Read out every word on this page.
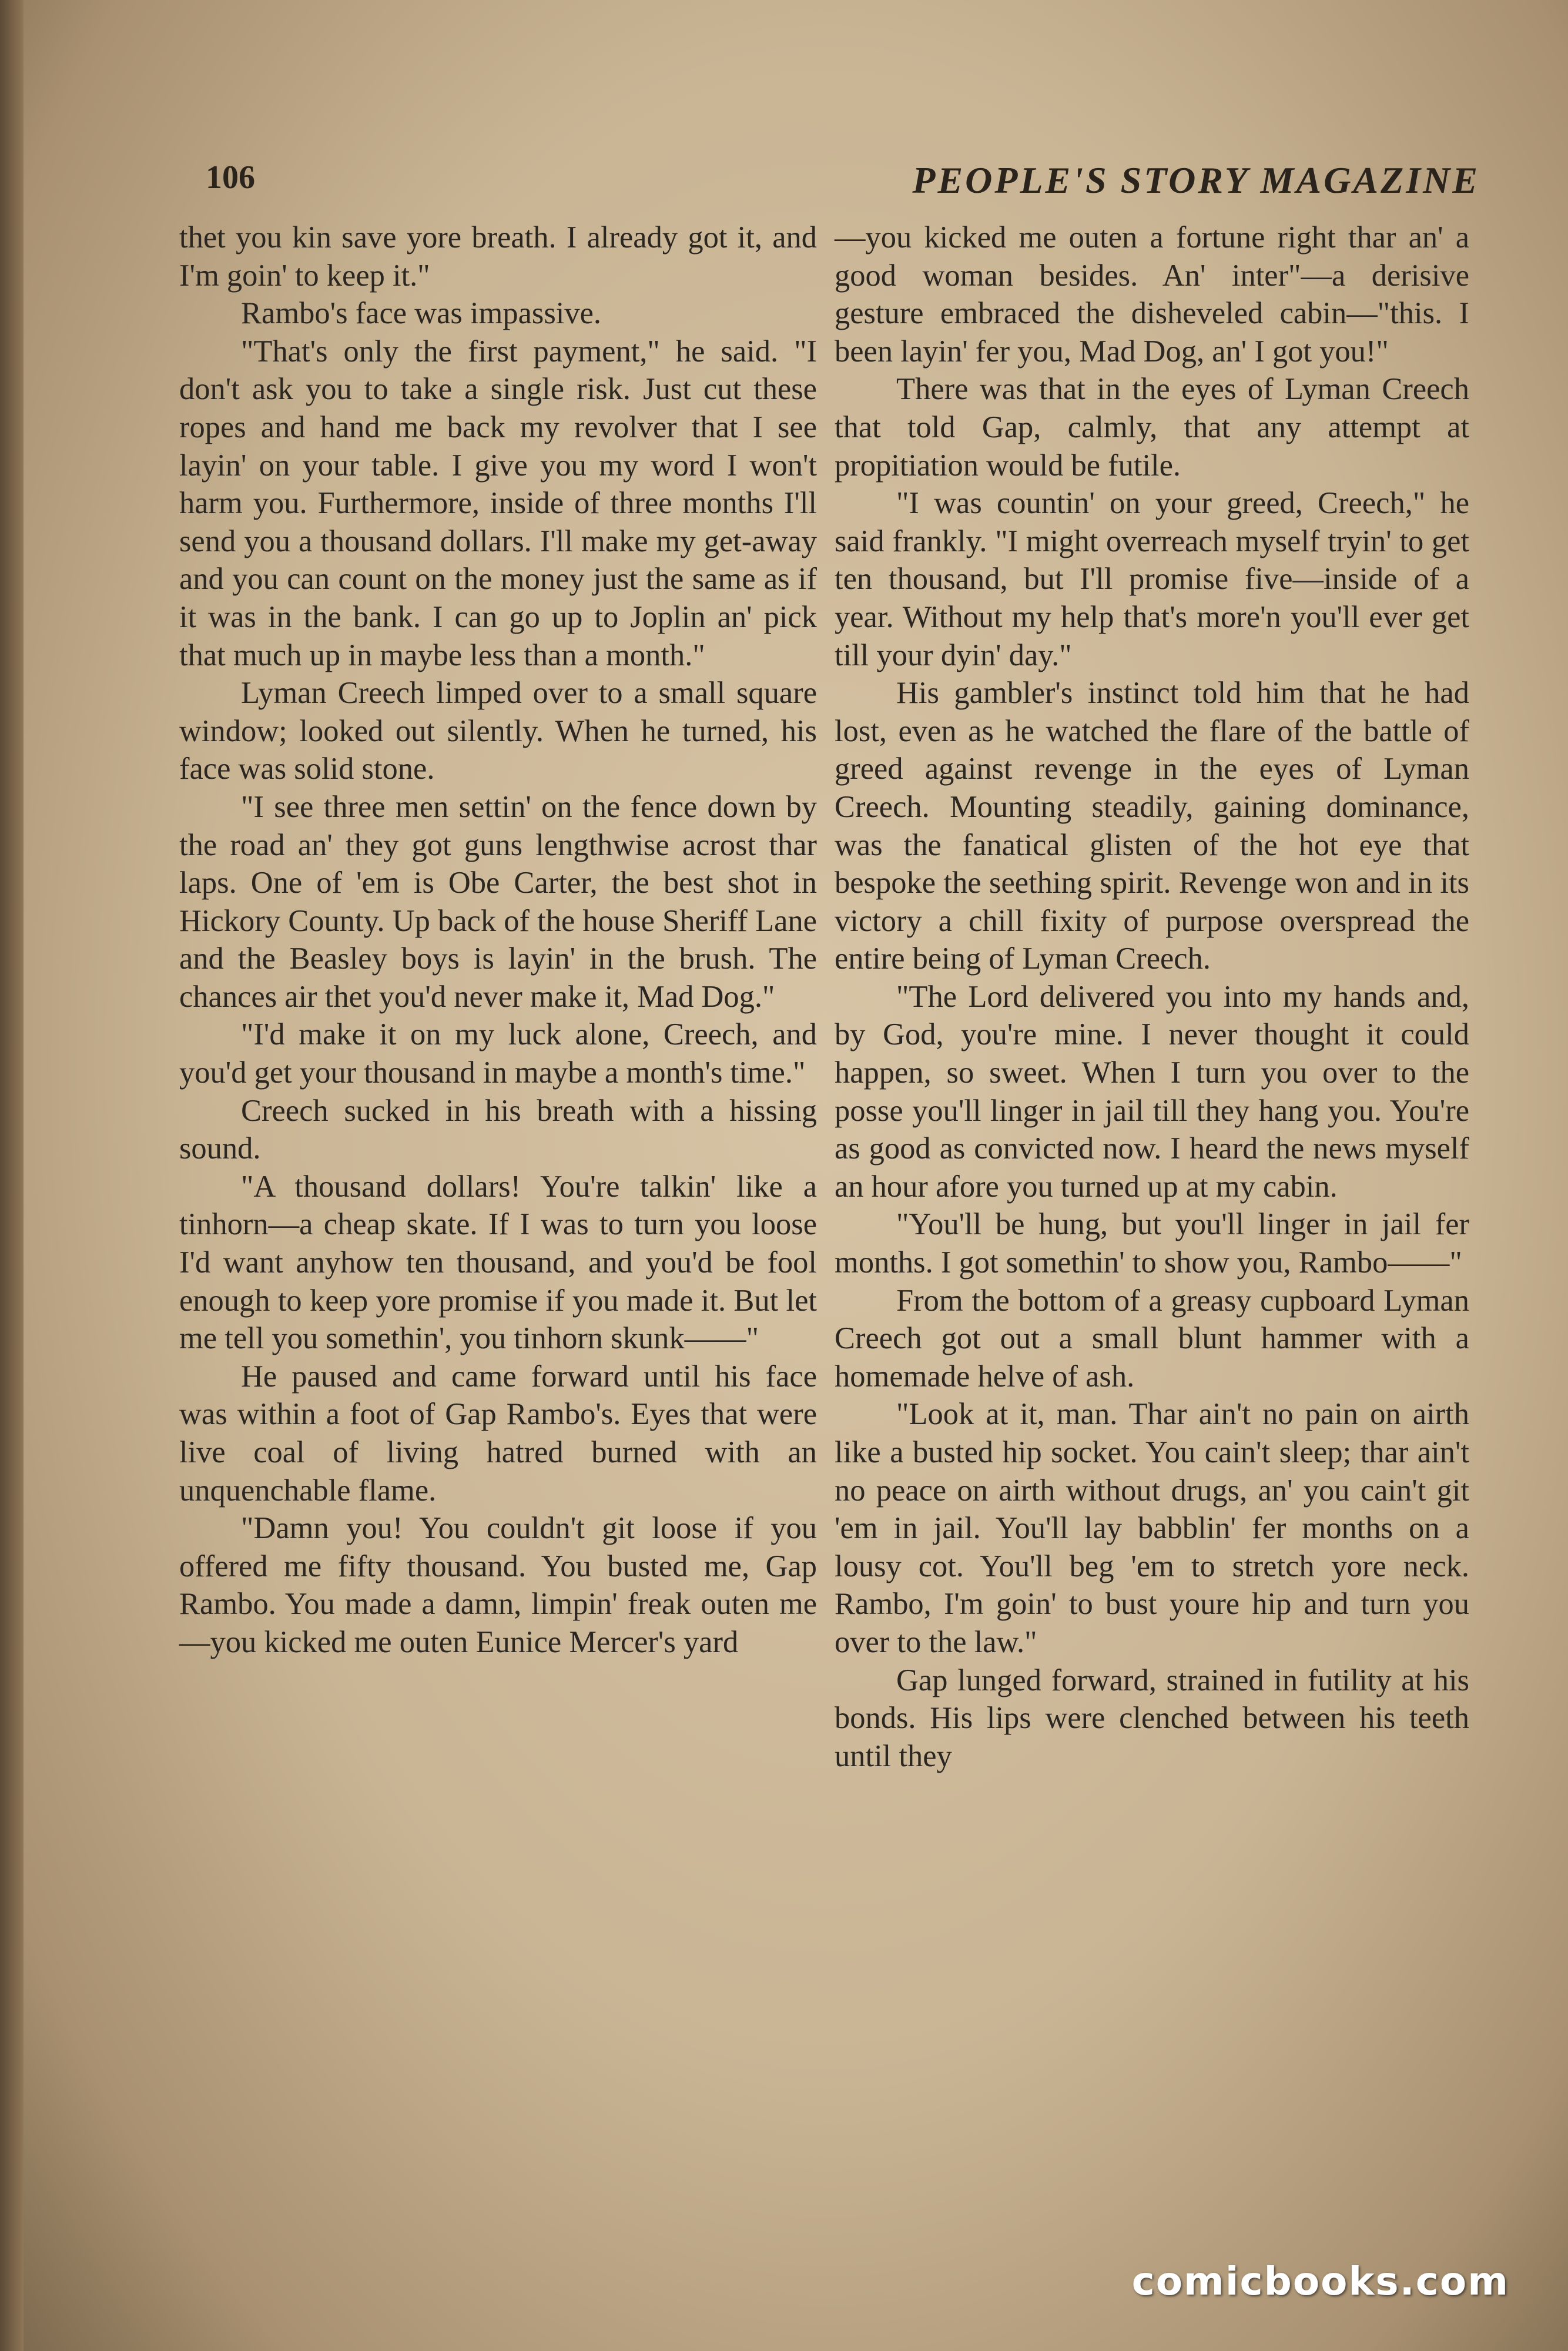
106	PEOPLE'S STORY MAGAZINE

thet you kin save yore breath. I already got it, and I'm goin' to keep it."

Rambo's face was impassive.

"That's only the first payment," he said. "I don't ask you to take a single risk. Just cut these ropes and hand me back my revolver that I see layin' on your table. I give you my word I won't harm you. Furthermore, inside of three months I'll send you a thousand dollars. I'll make my get-away and you can count on the money just the same as if it was in the bank. I can go up to Joplin an' pick that much up in maybe less than a month."

Lyman Creech limped over to a small square window; looked out silently. When he turned, his face was solid stone.

"I see three men settin' on the fence down by the road an' they got guns lengthwise acrost thar laps. One of 'em is Obe Carter, the best shot in Hickory County. Up back of the house Sheriff Lane and the Beasley boys is layin' in the brush. The chances air thet you'd never make it, Mad Dog."

"I'd make it on my luck alone, Creech, and you'd get your thousand in maybe a month's time."

Creech sucked in his breath with a hissing sound.

"A thousand dollars! You're talkin' like a tinhorn—a cheap skate. If I was to turn you loose I'd want anyhow ten thousand, and you'd be fool enough to keep yore promise if you made it. But let me tell you somethin', you tinhorn skunk——"

He paused and came forward until his face was within a foot of Gap Rambo's. Eyes that were live coal of living hatred burned with an unquenchable flame.

"Damn you! You couldn't git loose if you offered me fifty thousand. You busted me, Gap Rambo. You made a damn, limpin' freak outen me—you kicked me outen Eunice Mercer's yard

—you kicked me outen a fortune right thar an' a good woman besides. An' inter"—a derisive gesture embraced the disheveled cabin—"this. I been layin' fer you, Mad Dog, an' I got you!"

There was that in the eyes of Lyman Creech that told Gap, calmly, that any attempt at propitiation would be futile.

"I was countin' on your greed, Creech," he said frankly. "I might overreach myself tryin' to get ten thousand, but I'll promise five—inside of a year. Without my help that's more'n you'll ever get till your dyin' day."

His gambler's instinct told him that he had lost, even as he watched the flare of the battle of greed against revenge in the eyes of Lyman Creech. Mounting steadily, gaining dominance, was the fanatical glisten of the hot eye that bespoke the seething spirit. Revenge won and in its victory a chill fixity of purpose overspread the entire being of Lyman Creech.

"The Lord delivered you into my hands and, by God, you're mine. I never thought it could happen, so sweet. When I turn you over to the posse you'll linger in jail till they hang you. You're as good as convicted now. I heard the news myself an hour afore you turned up at my cabin.

"You'll be hung, but you'll linger in jail fer months. I got somethin' to show you, Rambo——"

From the bottom of a greasy cupboard Lyman Creech got out a small blunt hammer with a homemade helve of ash.

"Look at it, man. Thar ain't no pain on airth like a busted hip socket. You cain't sleep; thar ain't no peace on airth without drugs, an' you cain't git 'em in jail. You'll lay babblin' fer months on a lousy cot. You'll beg 'em to stretch yore neck. Rambo, I'm goin' to bust youre hip and turn you over to the law."

Gap lunged forward, strained in futility at his bonds. His lips were clenched between his teeth until they

comicbooks.com
